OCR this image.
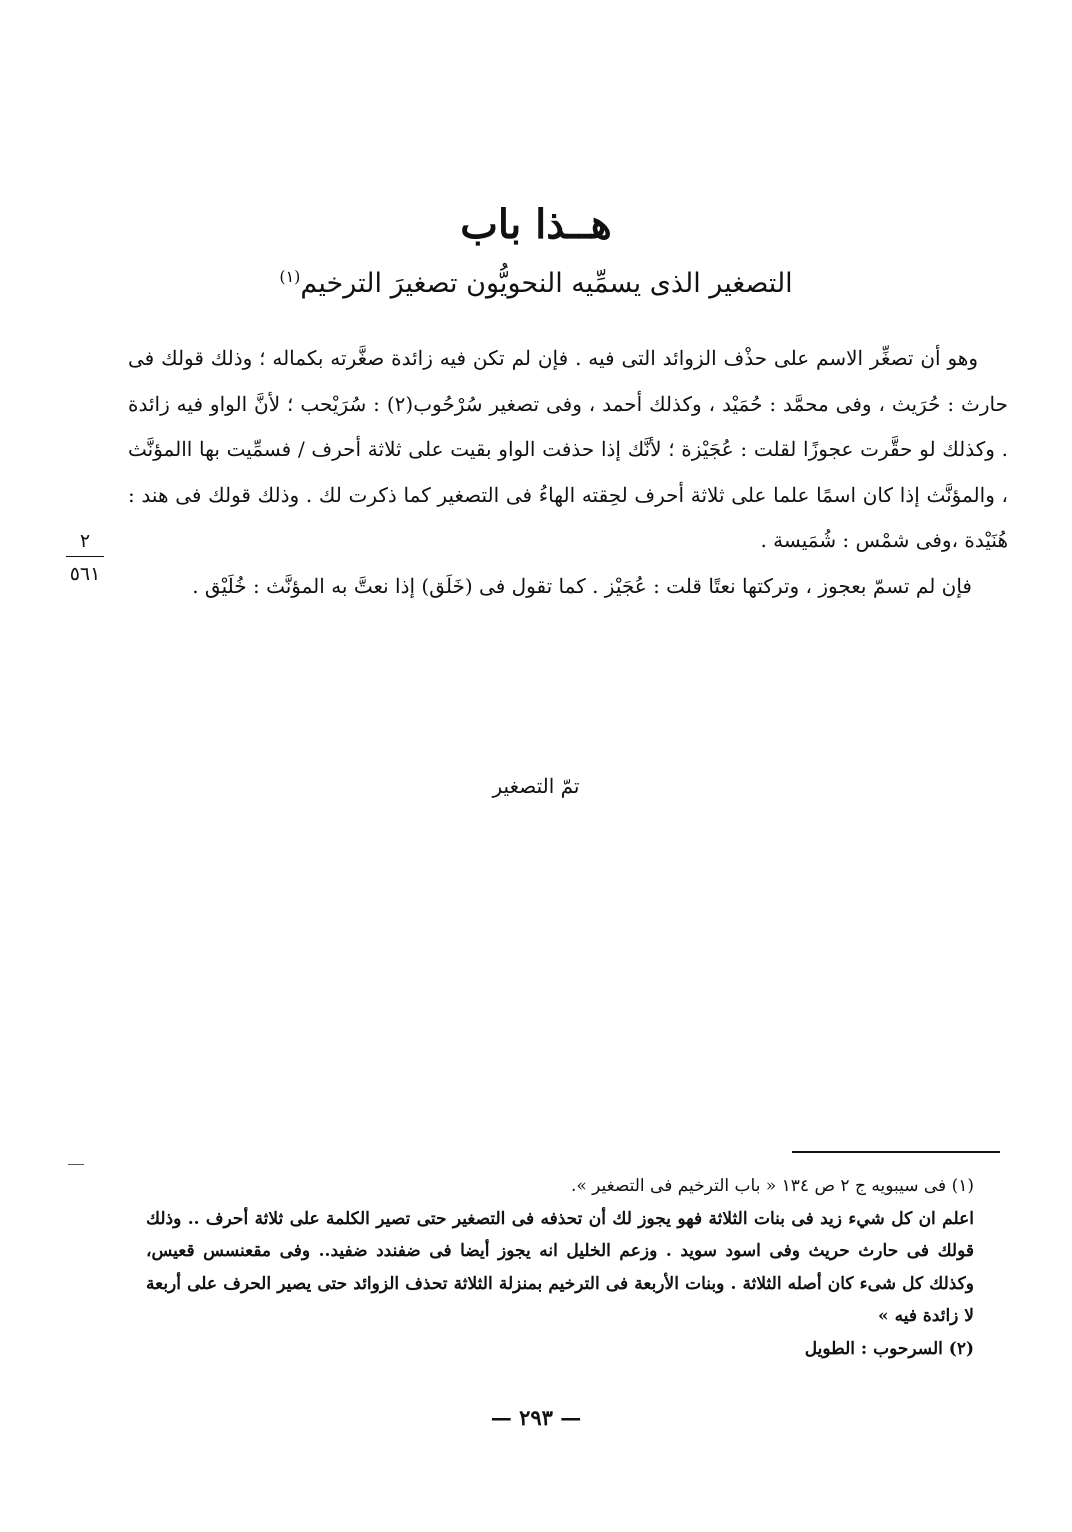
هــذا باب
التصغير الذى يسمِّيه النحويُّون تصغيرَ الترخيم$^{(١)}$

وهو أن تصغِّر الاسم على حذْف الزوائد التى فيه . فإن لم تكن فيه زائدة صغَّرته بكماله ؛ وذلك قولك فى حارث : حُرَيث ، وفى محمَّد : حُمَيْد ، وكذلك أحمد ، وفى تصغير سُرْحُوب(٢) : سُرَيْحب ؛ لأنَّ الواو فيه زائدة . وكذلك لو حقَّرت عجوزًا لقلت : عُجَيْزة ؛ لأنَّك إذا حذفت الواو بقيت على ثلاثة أحرف / فسمِّيت بها االمؤنَّث ، والمؤنَّث إذا كان اسمًا علما على ثلاثة أحرف لحِقته الهاءُ فى التصغير كما ذكرت لك . وذلك قولك فى هند : هُنَيْدة ،وفى شمْس : شُمَيسة .

فإن لم تسمّ بعجوز ، وتركتها نعتًا قلت : عُجَيْز . كما تقول فى (خَلَق) إذا نعتَّ به المؤنَّث : خُلَيْق .

٢
٥٦١
تمّ التصغير

(١) فى سيبويه ج ٢ ص ١٣٤ « باب الترخيم فى التصغير ».

اعلم ان كل شيء زيد فى بنات الثلاثة فهو يجوز لك أن تحذفه فى التصغير حتى تصير الكلمة على ثلاثة أحرف .. وذلك قولك فى حارث حريث وفى اسود سويد . وزعم الخليل انه يجوز أيضا فى ضفندد ضفيد.. وفى مقعنسس قعيس، وكذلك كل شىء كان أصله الثلاثة . وبنات الأربعة فى الترخيم بمنزلة الثلاثة تحذف الزوائد حتى يصير الحرف على أربعة لا زائدة فيه »

(٢) السرحوب : الطويل

— ٢٩٣ —
